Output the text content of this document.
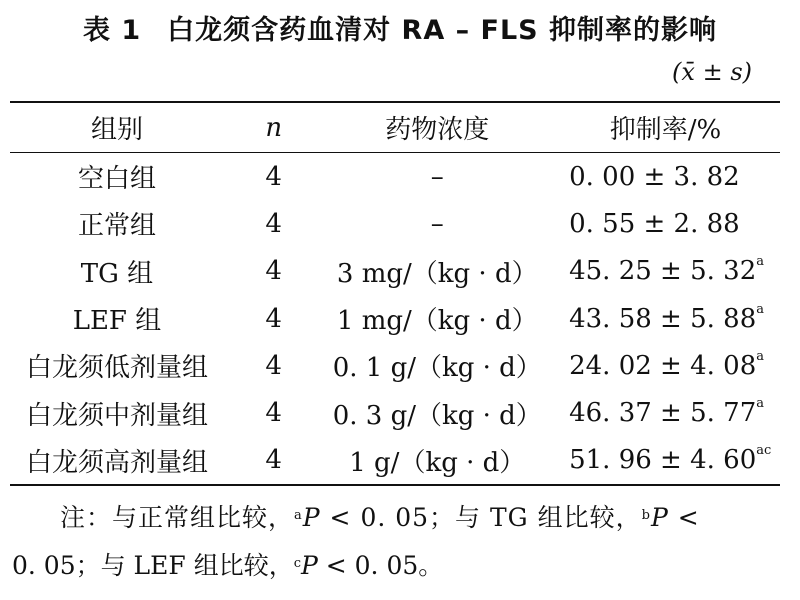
表 1 白龙须含药血清对 RA – FLS 抑制率的影响
(x̄ ± s)
组别	n	药物浓度	抑制率/%
空白组	4	–	0. 00 ± 3. 82
正常组	4	–	0. 55 ± 2. 88
TG 组	4	3 mg/（kg · d）	45. 25 ± 5. 32$^a$
LEF 组	4	1 mg/（kg · d）	43. 58 ± 5. 88$^a$
白龙须低剂量组	4	0. 1 g/（kg · d）	24. 02 ± 4. 08$^a$
白龙须中剂量组	4	0. 3 g/（kg · d）	46. 37 ± 5. 77$^a$
白龙须高剂量组	4	1 g/（kg · d）	51. 96 ± 4. $60^{ac}$
注：与正常组比较，$^a$P < 0. 05；与 TG 组比较，$^b$P <
0. 05；与 LEF 组比较，$^c$P < 0. 05。
